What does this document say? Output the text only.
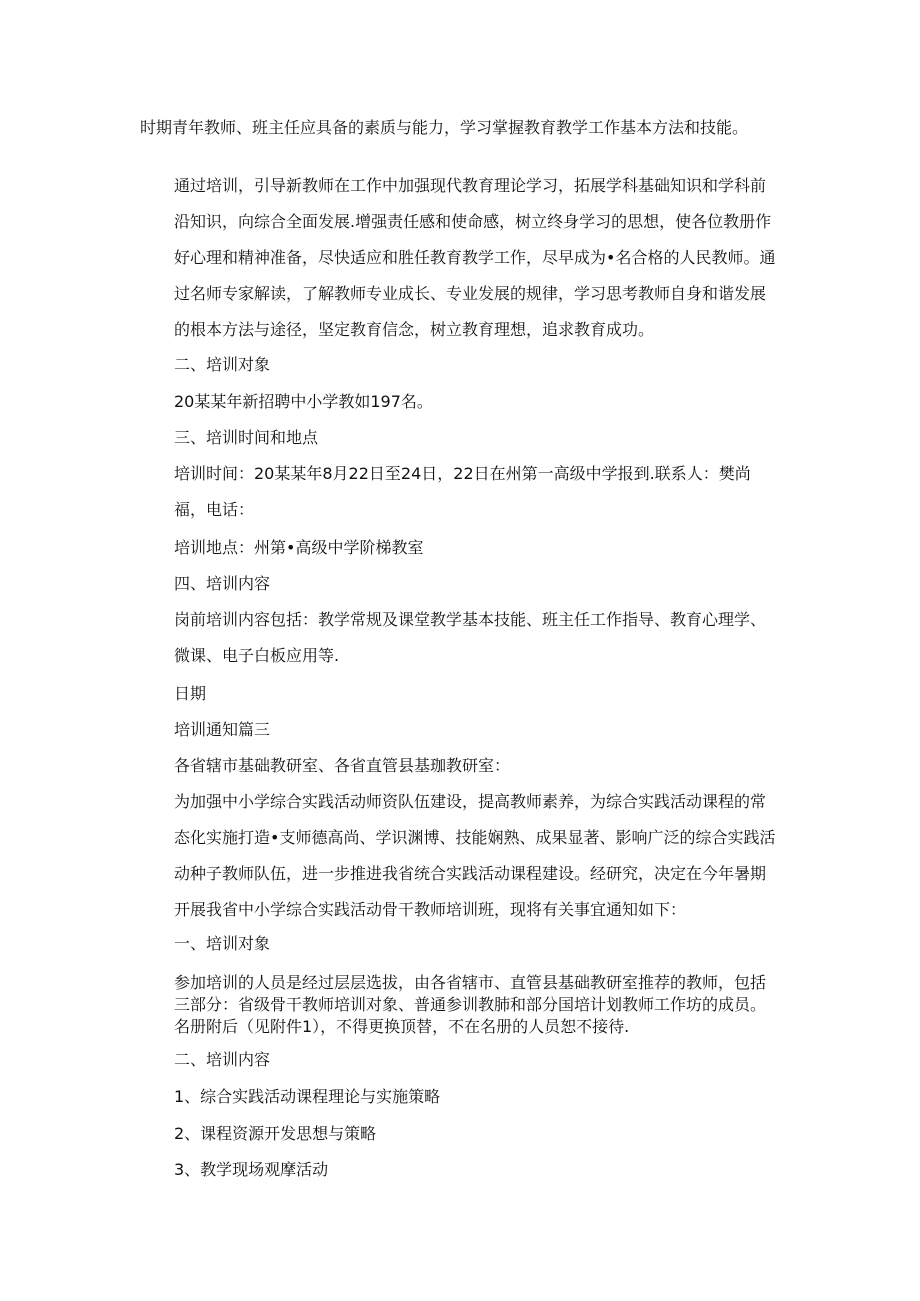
时期青年教师、班主任应具备的素质与能力，学习掌握教育教学工作基本方法和技能。

通过培训，引导新教师在工作中加强现代教育理论学习，拓展学科基础知识和学科前沿知识，向综合全面发展.增强责任感和使命感，树立终身学习的思想，使各位教册作好心理和精神准备，尽快适应和胜任教育教学工作，尽早成为•名合格的人民教师。通过名师专家解读，了解教师专业成长、专业发展的规律，学习思考教师自身和谐发展的根本方法与途径，坚定教育信念，树立教育理想，追求教育成功。

二、培训对象

20某某年新招聘中小学教如197名。

三、培训时间和地点

培训时间：20某某年8月22日至24日，22日在州第一高级中学报到.联系人：樊尚福，电话：

培训地点：州第•高级中学阶梯教室

四、培训内容

岗前培训内容包括：教学常规及课堂教学基本技能、班主任工作指导、教育心理学、微课、电子白板应用等.

日期

培训通知篇三

各省辖市基础教研室、各省直管县基珈教研室：

为加强中小学综合实践活动师资队伍建设，提高教师素养，为综合实践活动课程的常态化实施打造•支师德高尚、学识渊博、技能娴熟、成果显著、影响广泛的综合实践活动种子教师队伍，进一步推进我省统合实践活动课程建设。经研究，决定在今年暑期开展我省中小学综合实践活动骨干教师培训班，现将有关事宜通知如下：

一、培训对象

参加培训的人员是经过层层选拔，由各省辖市、直管县基础教研室推荐的教师，包括三部分：省级骨干教师培训对象、普通参训教肺和部分国培计划教师工作坊的成员。名册附后（见附件1），不得更换顶替，不在名册的人员恕不接待.

二、培训内容

1、综合实践活动课程理论与实施策略

2、课程资源开发思想与策略

3、教学现场观摩活动
